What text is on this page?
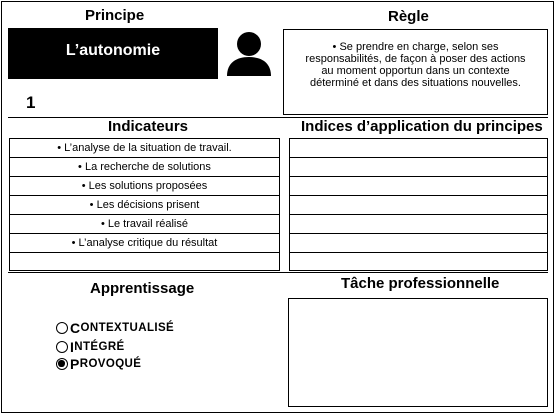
Principe	Règle
L’autonomie
1
• Se prendre en charge, selon ses responsabilités, de façon à poser des actions au moment opportun dans un contexte déterminé et dans des situations nouvelles.
Indicateurs	Indices d’application du principes
• L’analyse de la situation de travail.
• La recherche de solutions
• Les solutions proposées
• Les décisions prisent
• Le travail réalisé
• L’analyse critique du résultat
Apprentissage	Tâche professionnelle
C ONTEXTUALISÉ
I NTÉGRÉ
P ROVOQUÉ
